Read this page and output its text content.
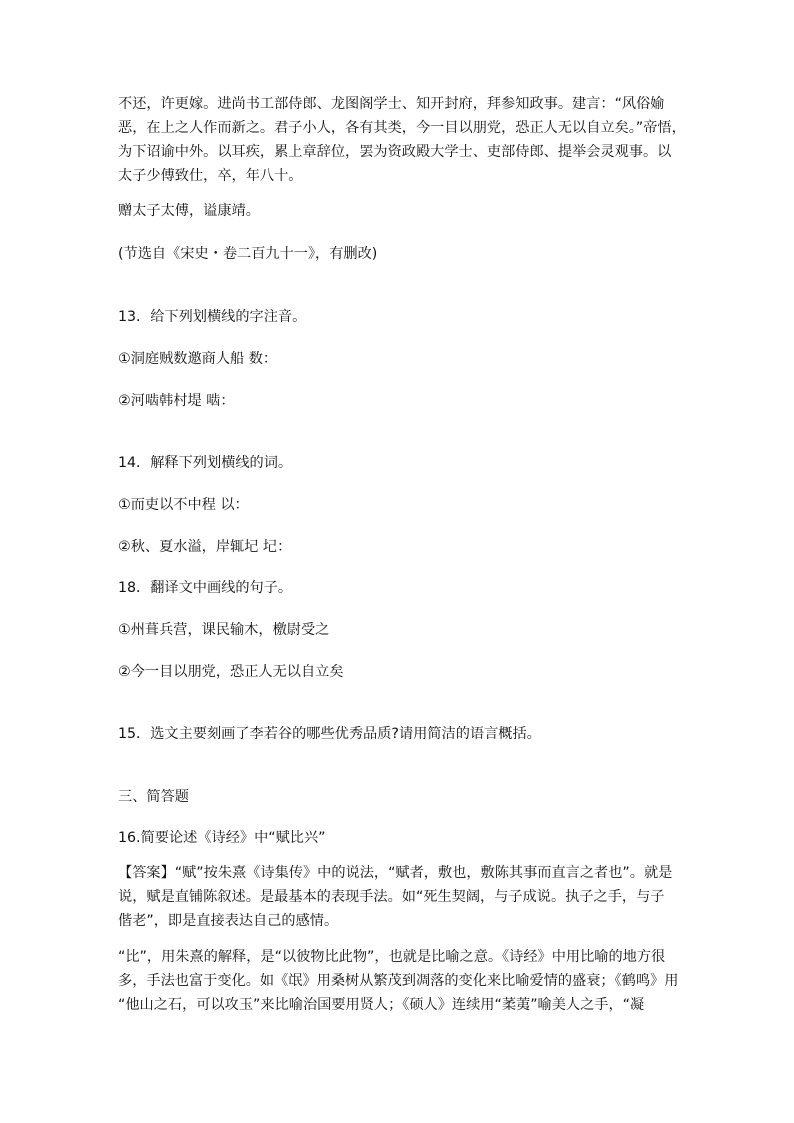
不还，许更嫁。进尚书工部侍郎、龙图阁学士、知开封府，拜参知政事。建言：“风俗媮
恶，在上之人作而新之。君子小人，各有其类，今一目以朋党，恐正人无以自立矣。”帝悟，
为下诏谕中外。以耳疾，累上章辞位，罢为资政殿大学士、吏部侍郎、提举会灵观事。以
太子少傅致仕，卒，年八十。

赠太子太傅，谥康靖。

(节选自《宋史・卷二百九十一》，有删改)

13．给下列划横线的字注音。

①洞庭贼数邀商人船 数：

②河啮韩村堤 啮：

14．解释下列划横线的词。

①而吏以不中程 以：

②秋、夏水溢，岸辄圮 圮：

18．翻译文中画线的句子。

①州葺兵营，课民输木，檄尉受之

②今一目以朋党，恐正人无以自立矣

15．选文主要刻画了李若谷的哪些优秀品质?请用简洁的语言概括。

三、简答题

16.简要论述《诗经》中“赋比兴”

【答案】“赋”按朱熹《诗集传》中的说法，“赋者，敷也，敷陈其事而直言之者也”。就是
说，赋是直铺陈叙述。是最基本的表现手法。如“死生契阔，与子成说。执子之手，与子
偕老”，即是直接表达自己的感情。
“比”，用朱熹的解释，是“以彼物比此物”，也就是比喻之意。《诗经》中用比喻的地方很
多，手法也富于变化。如《氓》用桑树从繁茂到凋落的变化来比喻爱情的盛衰；《鹤鸣》用
“他山之石，可以攻玉”来比喻治国要用贤人；《硕人》连续用“葇荑”喻美人之手，“凝
